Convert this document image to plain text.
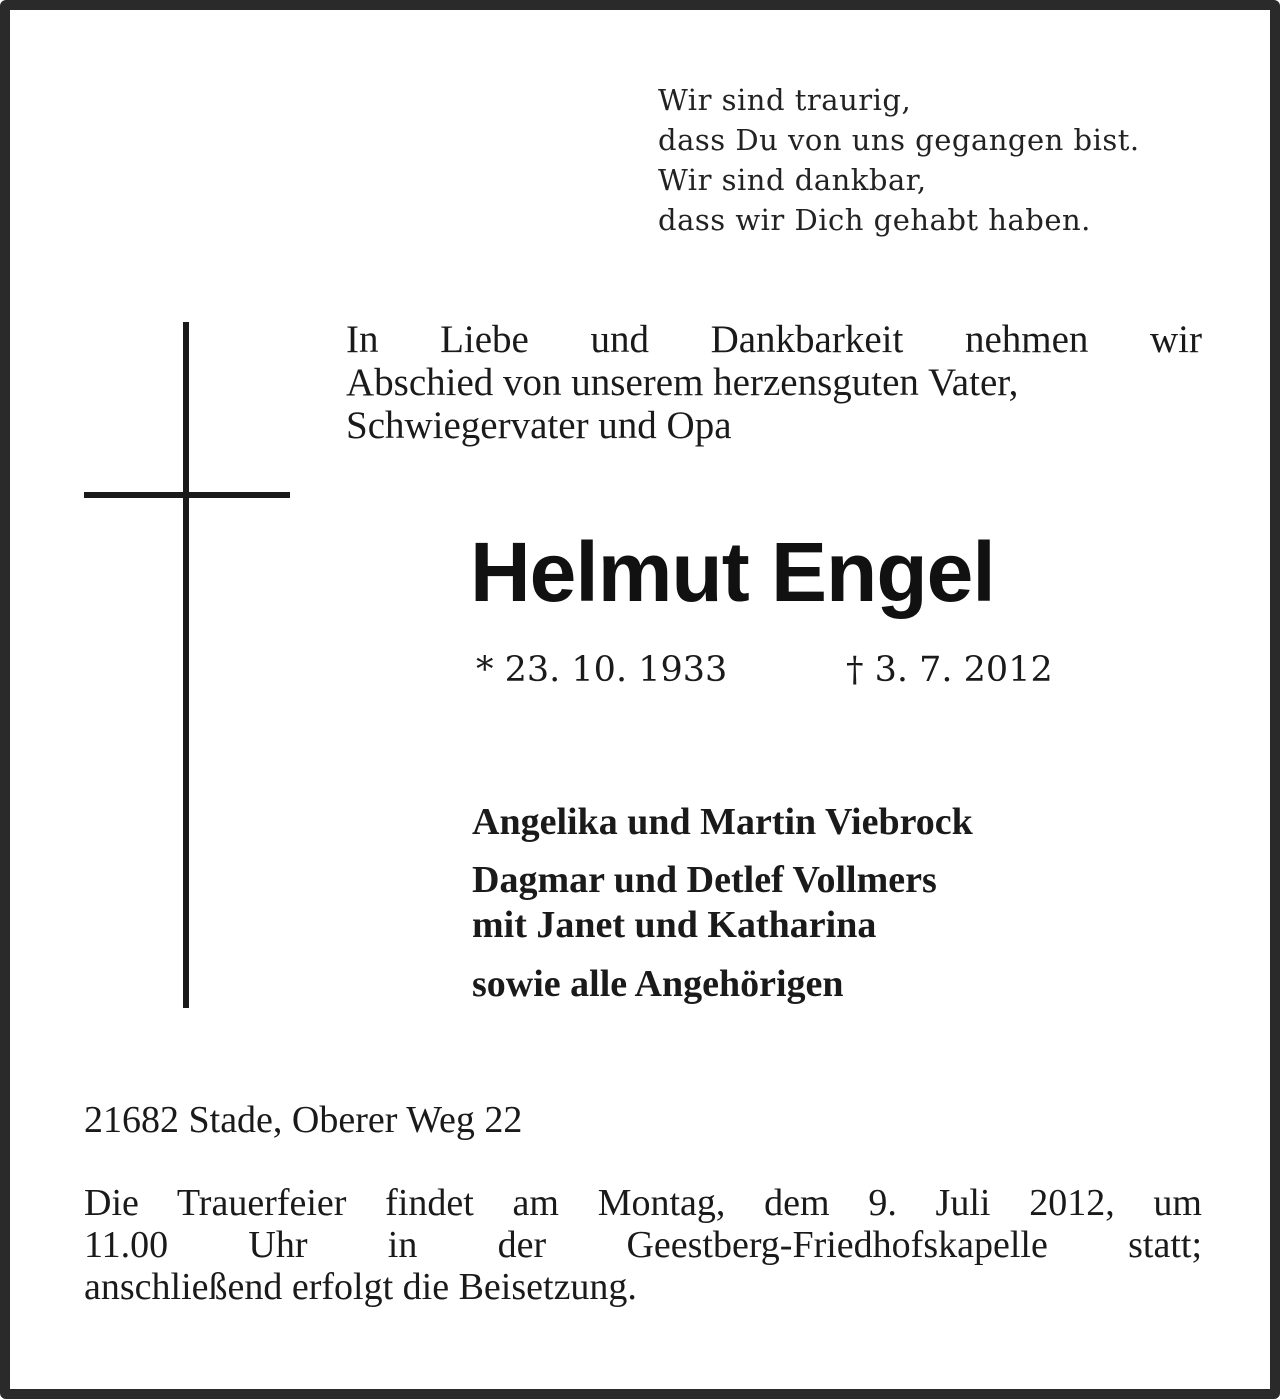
Wir sind traurig,
dass Du von uns gegangen bist.
Wir sind dankbar,
dass wir Dich gehabt haben.
In Liebe und Dankbarkeit nehmen wir
Abschied von unserem herzensguten Vater,
Schwiegervater und Opa
Helmut Engel
* 23. 10. 1933	† 3. 7. 2012
Angelika und Martin Viebrock
Dagmar und Detlef Vollmers
mit Janet und Katharina
sowie alle Angehörigen
21682 Stade, Oberer Weg 22
Die Trauerfeier findet am Montag, dem 9. Juli 2012, um
11.00 Uhr in der Geestberg-Friedhofskapelle statt;
anschließend erfolgt die Beisetzung.
